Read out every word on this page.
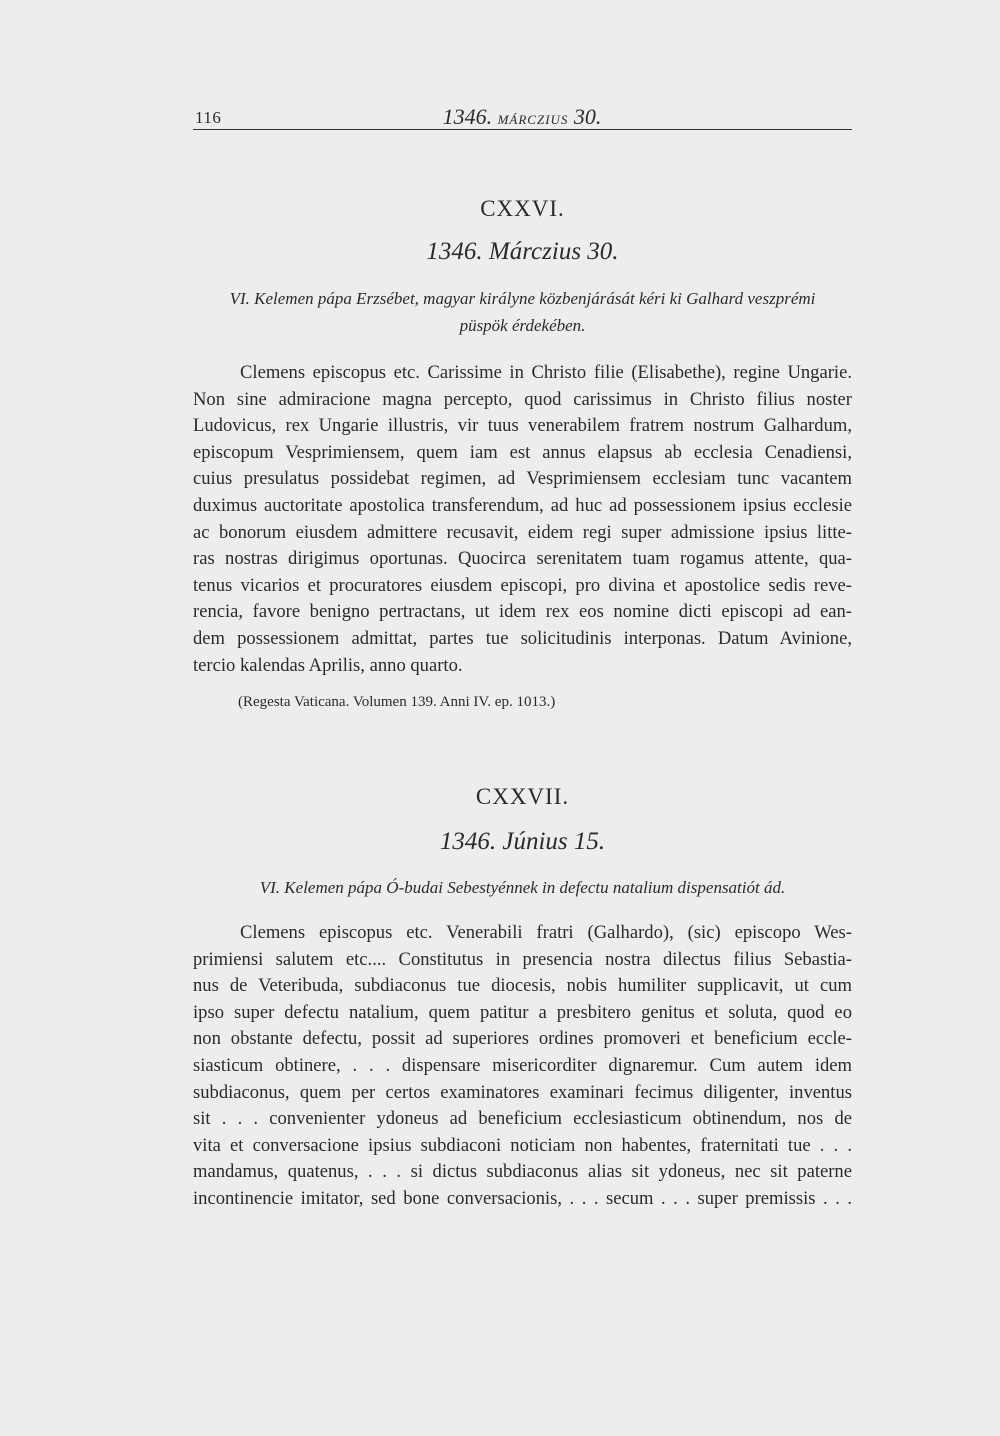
116	1346. MÁRCZIUS 30.
CXXVI.
1346. Márczius 30.
VI. Kelemen pápa Erzsébet, magyar királyne közbenjárását kéri ki Galhard veszprémi
püspök érdekében.
Clemens episcopus etc. Carissime in Christo filie (Elisabethe), regine Ungarie.
Non sine admiracione magna percepto, quod carissimus in Christo filius noster
Ludovicus, rex Ungarie illustris, vir tuus venerabilem fratrem nostrum Galhardum,
episcopum Vesprimiensem, quem iam est annus elapsus ab ecclesia Cenadiensi,
cuius presulatus possidebat regimen, ad Vesprimiensem ecclesiam tunc vacantem
duximus auctoritate apostolica transferendum, ad huc ad possessionem ipsius ecclesie
ac bonorum eiusdem admittere recusavit, eidem regi super admissione ipsius litte-
ras nostras dirigimus oportunas. Quocirca serenitatem tuam rogamus attente, qua-
tenus vicarios et procuratores eiusdem episcopi, pro divina et apostolice sedis reve-
rencia, favore benigno pertractans, ut idem rex eos nomine dicti episcopi ad ean-
dem possessionem admittat, partes tue solicitudinis interponas. Datum Avinione,
tercio kalendas Aprilis, anno quarto.
(Regesta Vaticana. Volumen 139. Anni IV. ep. 1013.)
CXXVII.
1346. Június 15.
VI. Kelemen pápa Ó-budai Sebestyénnek in defectu natalium dispensatiót ád.
Clemens episcopus etc. Venerabili fratri (Galhardo), (sic) episcopo Wes-
primiensi salutem etc.... Constitutus in presencia nostra dilectus filius Sebastia-
nus de Veteribuda, subdiaconus tue diocesis, nobis humiliter supplicavit, ut cum
ipso super defectu natalium, quem patitur a presbitero genitus et soluta, quod eo
non obstante defectu, possit ad superiores ordines promoveri et beneficium eccle-
siasticum obtinere, . . . dispensare misericorditer dignaremur. Cum autem idem
subdiaconus, quem per certos examinatores examinari fecimus diligenter, inventus
sit . . . convenienter ydoneus ad beneficium ecclesiasticum obtinendum, nos de
vita et conversacione ipsius subdiaconi noticiam non habentes, fraternitati tue . . .
mandamus, quatenus, . . . si dictus subdiaconus alias sit ydoneus, nec sit paterne
incontinencie imitator, sed bone conversacionis, . . . secum . . . super premissis . . .
